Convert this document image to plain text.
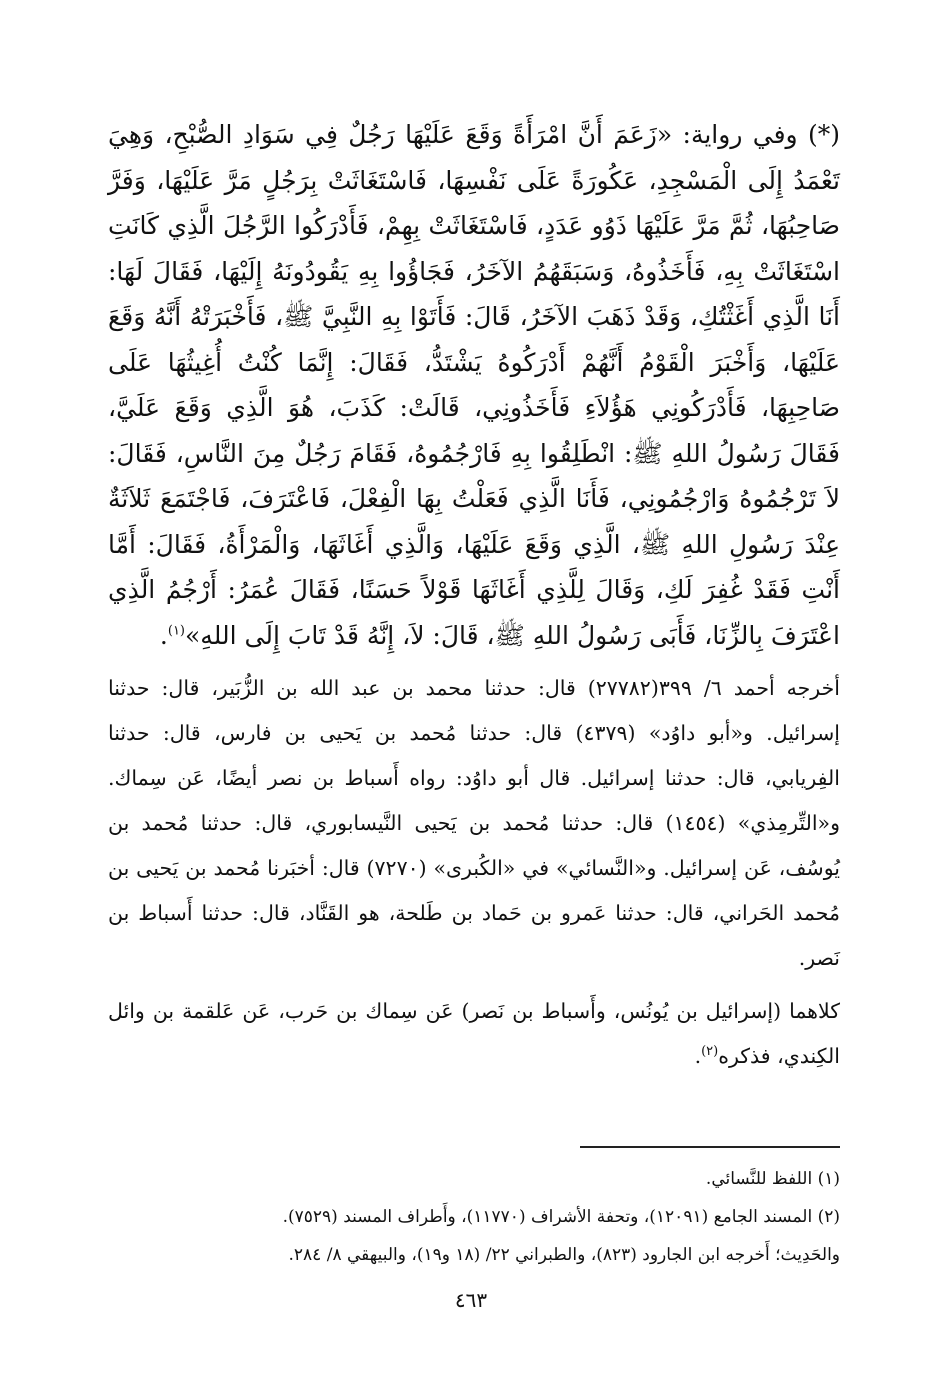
(*) وفي رواية: «زَعَمَ أَنَّ امْرَأَةً وَقَعَ عَلَيْهَا رَجُلٌ فِي سَوَادِ الصُّبْحِ، وَهِيَ تَعْمَدُ إِلَى الْمَسْجِدِ، عَكُورَةً عَلَى نَفْسِهَا، فَاسْتَغَاثَتْ بِرَجُلٍ مَرَّ عَلَيْهَا، وَفَرَّ صَاحِبُهَا، ثُمَّ مَرَّ عَلَيْهَا ذَوُو عَدَدٍ، فَاسْتَغَاثَتْ بِهِمْ، فَأَدْرَكُوا الرَّجُلَ الَّذِي كَانَتِ اسْتَغَاثَتْ بِهِ، فَأَخَذُوهُ، وَسَبَقَهُمُ الآخَرُ، فَجَاؤُوا بِهِ يَقُودُونَهُ إِلَيْهَا، فَقَالَ لَهَا: أَنَا الَّذِي أَغَثْتُكِ، وَقَدْ ذَهَبَ الآخَرُ، قَالَ: فَأَتَوْا بِهِ النَّبِيَّ ﷺ، فَأَخْبَرَتْهُ أَنَّهُ وَقَعَ عَلَيْهَا، وَأَخْبَرَ الْقَوْمُ أَنَّهُمْ أَدْرَكُوهُ يَشْتَدُّ، فَقَالَ: إِنَّمَا كُنْتُ أُغِيثُهَا عَلَى صَاحِبِهَا، فَأَدْرَكُونِي هَؤُلاَءِ فَأَخَذُونِي، قَالَتْ: كَذَبَ، هُوَ الَّذِي وَقَعَ عَلَيَّ، فَقَالَ رَسُولُ اللهِ ﷺ: انْطَلِقُوا بِهِ فَارْجُمُوهُ، فَقَامَ رَجُلٌ مِنَ النَّاسِ، فَقَالَ: لاَ تَرْجُمُوهُ وَارْجُمُونِي، فَأَنَا الَّذِي فَعَلْتُ بِهَا الْفِعْلَ، فَاعْتَرَفَ، فَاجْتَمَعَ ثَلاَثَةٌ عِنْدَ رَسُولِ اللهِ ﷺ، الَّذِي وَقَعَ عَلَيْهَا، وَالَّذِي أَغَاثَهَا، وَالْمَرْأَةُ، فَقَالَ: أَمَّا أَنْتِ فَقَدْ غُفِرَ لَكِ، وَقَالَ لِلَّذِي أَغَاثَهَا قَوْلاً حَسَنًا، فَقَالَ عُمَرُ: أَرْجُمُ الَّذِي اعْتَرَفَ بِالزِّنَا، فَأَبَى رَسُولُ اللهِ ﷺ، قَالَ: لاَ، إِنَّهُ قَدْ تَابَ إِلَى اللهِ»$^{(١)}$.

أخرجه أحمد ٦/ ٣٩٩(٢٧٧٨٢) قال: حدثنا محمد بن عبد الله بن الزُّبَير، قال: حدثنا إسرائيل. و«أبو داوُد» (٤٣٧٩) قال: حدثنا مُحمد بن يَحيى بن فارس، قال: حدثنا الفِريابي، قال: حدثنا إسرائيل. قال أبو داوُد: رواه أَسباط بن نصر أيضًا، عَن سِماك. و«التِّرمِذي» (١٤٥٤) قال: حدثنا مُحمد بن يَحيى النَّيسابوري، قال: حدثنا مُحمد بن يُوسُف، عَن إسرائيل. و«النَّسائي» في «الكُبرى» (٧٢٧٠) قال: أخبَرنا مُحمد بن يَحيى بن مُحمد الحَراني، قال: حدثنا عَمرو بن حَماد بن طَلحة، هو القَنَّاد، قال: حدثنا أَسباط بن نَصر.

كلاهما (إسرائيل بن يُونُس، وأَسباط بن نَصر) عَن سِماك بن حَرب، عَن عَلقمة بن وائل الكِندي، فذكره$^{(٢)}$.

(١) اللفظ للنَّسائي.

(٢) المسند الجامع (١٢٠٩١)، وتحفة الأشراف (١١٧٧٠)، وأَطراف المسند (٧٥٢٩).

والحَدِيث؛ أَخرجه ابن الجارود (٨٢٣)، والطبراني ٢٢/ (١٨ و١٩)، والبيهقي ٨/ ٢٨٤.

٤٦٣
